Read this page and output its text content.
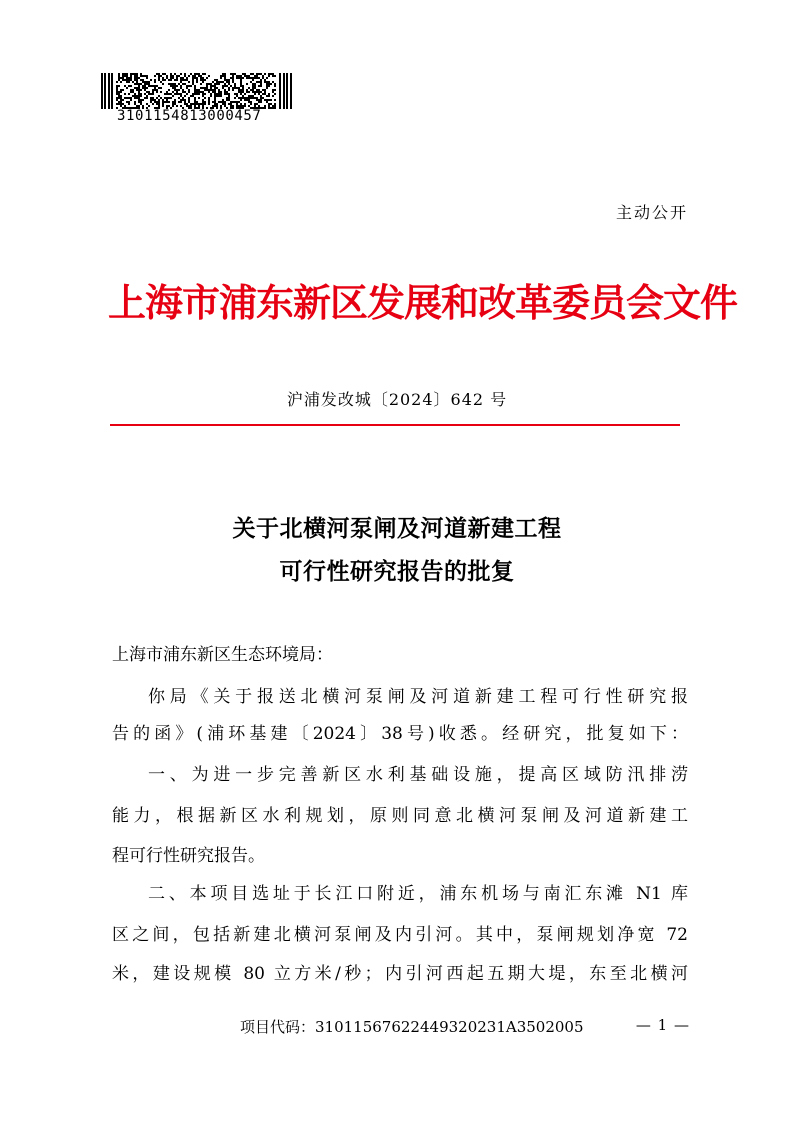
3101154813000457
主动公开
上海市浦东新区发展和改革委员会文件
沪浦发改城〔2024〕642 号
关于北横河泵闸及河道新建工程
可行性研究报告的批复
上海市浦东新区生态环境局：
你局《关于报送北横河泵闸及河道新建工程可行性研究报
告的函》(浦环基建〔2024〕38号)收悉。经研究，批复如下：
一、为进一步完善新区水利基础设施，提高区域防汛排涝
能力，根据新区水利规划，原则同意北横河泵闸及河道新建工
程可行性研究报告。
二、本项目选址于长江口附近，浦东机场与南汇东滩 N1 库
区之间，包括新建北横河泵闸及内引河。其中，泵闸规划净宽 72
米，建设规模 80 立方米/秒；内引河西起五期大堤，东至北横河
项目代码：31011567622449320231A3502005	— 1 —
